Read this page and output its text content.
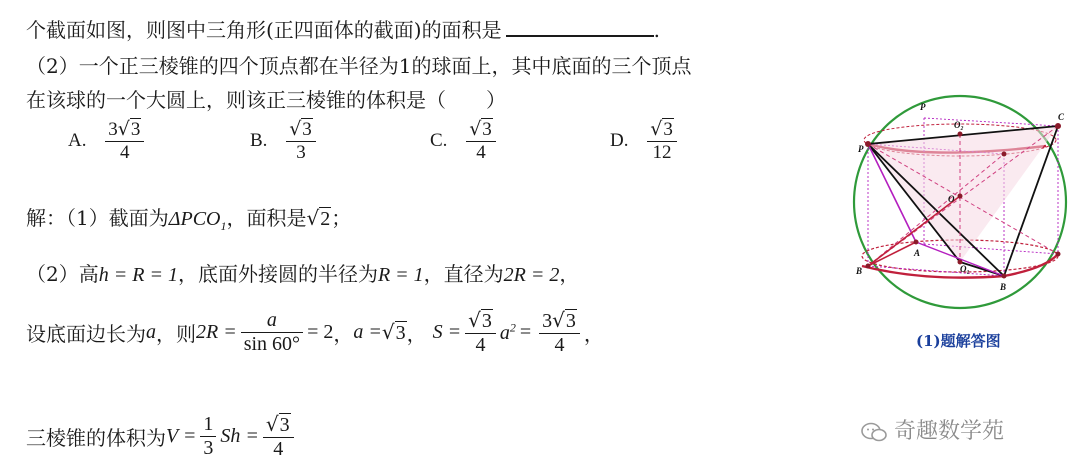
个截面如图，则图中三角形(正四面体的截面)的面积是	.
（2）一个正三棱锥的四个顶点都在半径为1的球面上，其中底面的三个顶点
在该球的一个大圆上，则该正三棱锥的体积是（　　）
A. $\frac{3√3}{4}$	B. $\frac{√3}{3}$	C. $\frac{√3}{4}$	D. $\frac{√3}{12}$
解：（1）截面为$\Delta PCO_1$，面积是√2；
（2）高h = R = 1，底面外接圆的半径为R = 1，直径为2R = 2，
设底面边长为a，则$2R = \frac{a}{\sin 60^\circ} = 2$，a =√3， $S = \frac{√3}{4} a^2 = \frac{3√3}{4}$ ，
三棱锥的体积为$V = \frac{1}{3}$ $Sh = \frac{√3}{4}$
P
O₂
C
P
O
A
B	O₁
B
(1)题解答图
奇趣数学苑
